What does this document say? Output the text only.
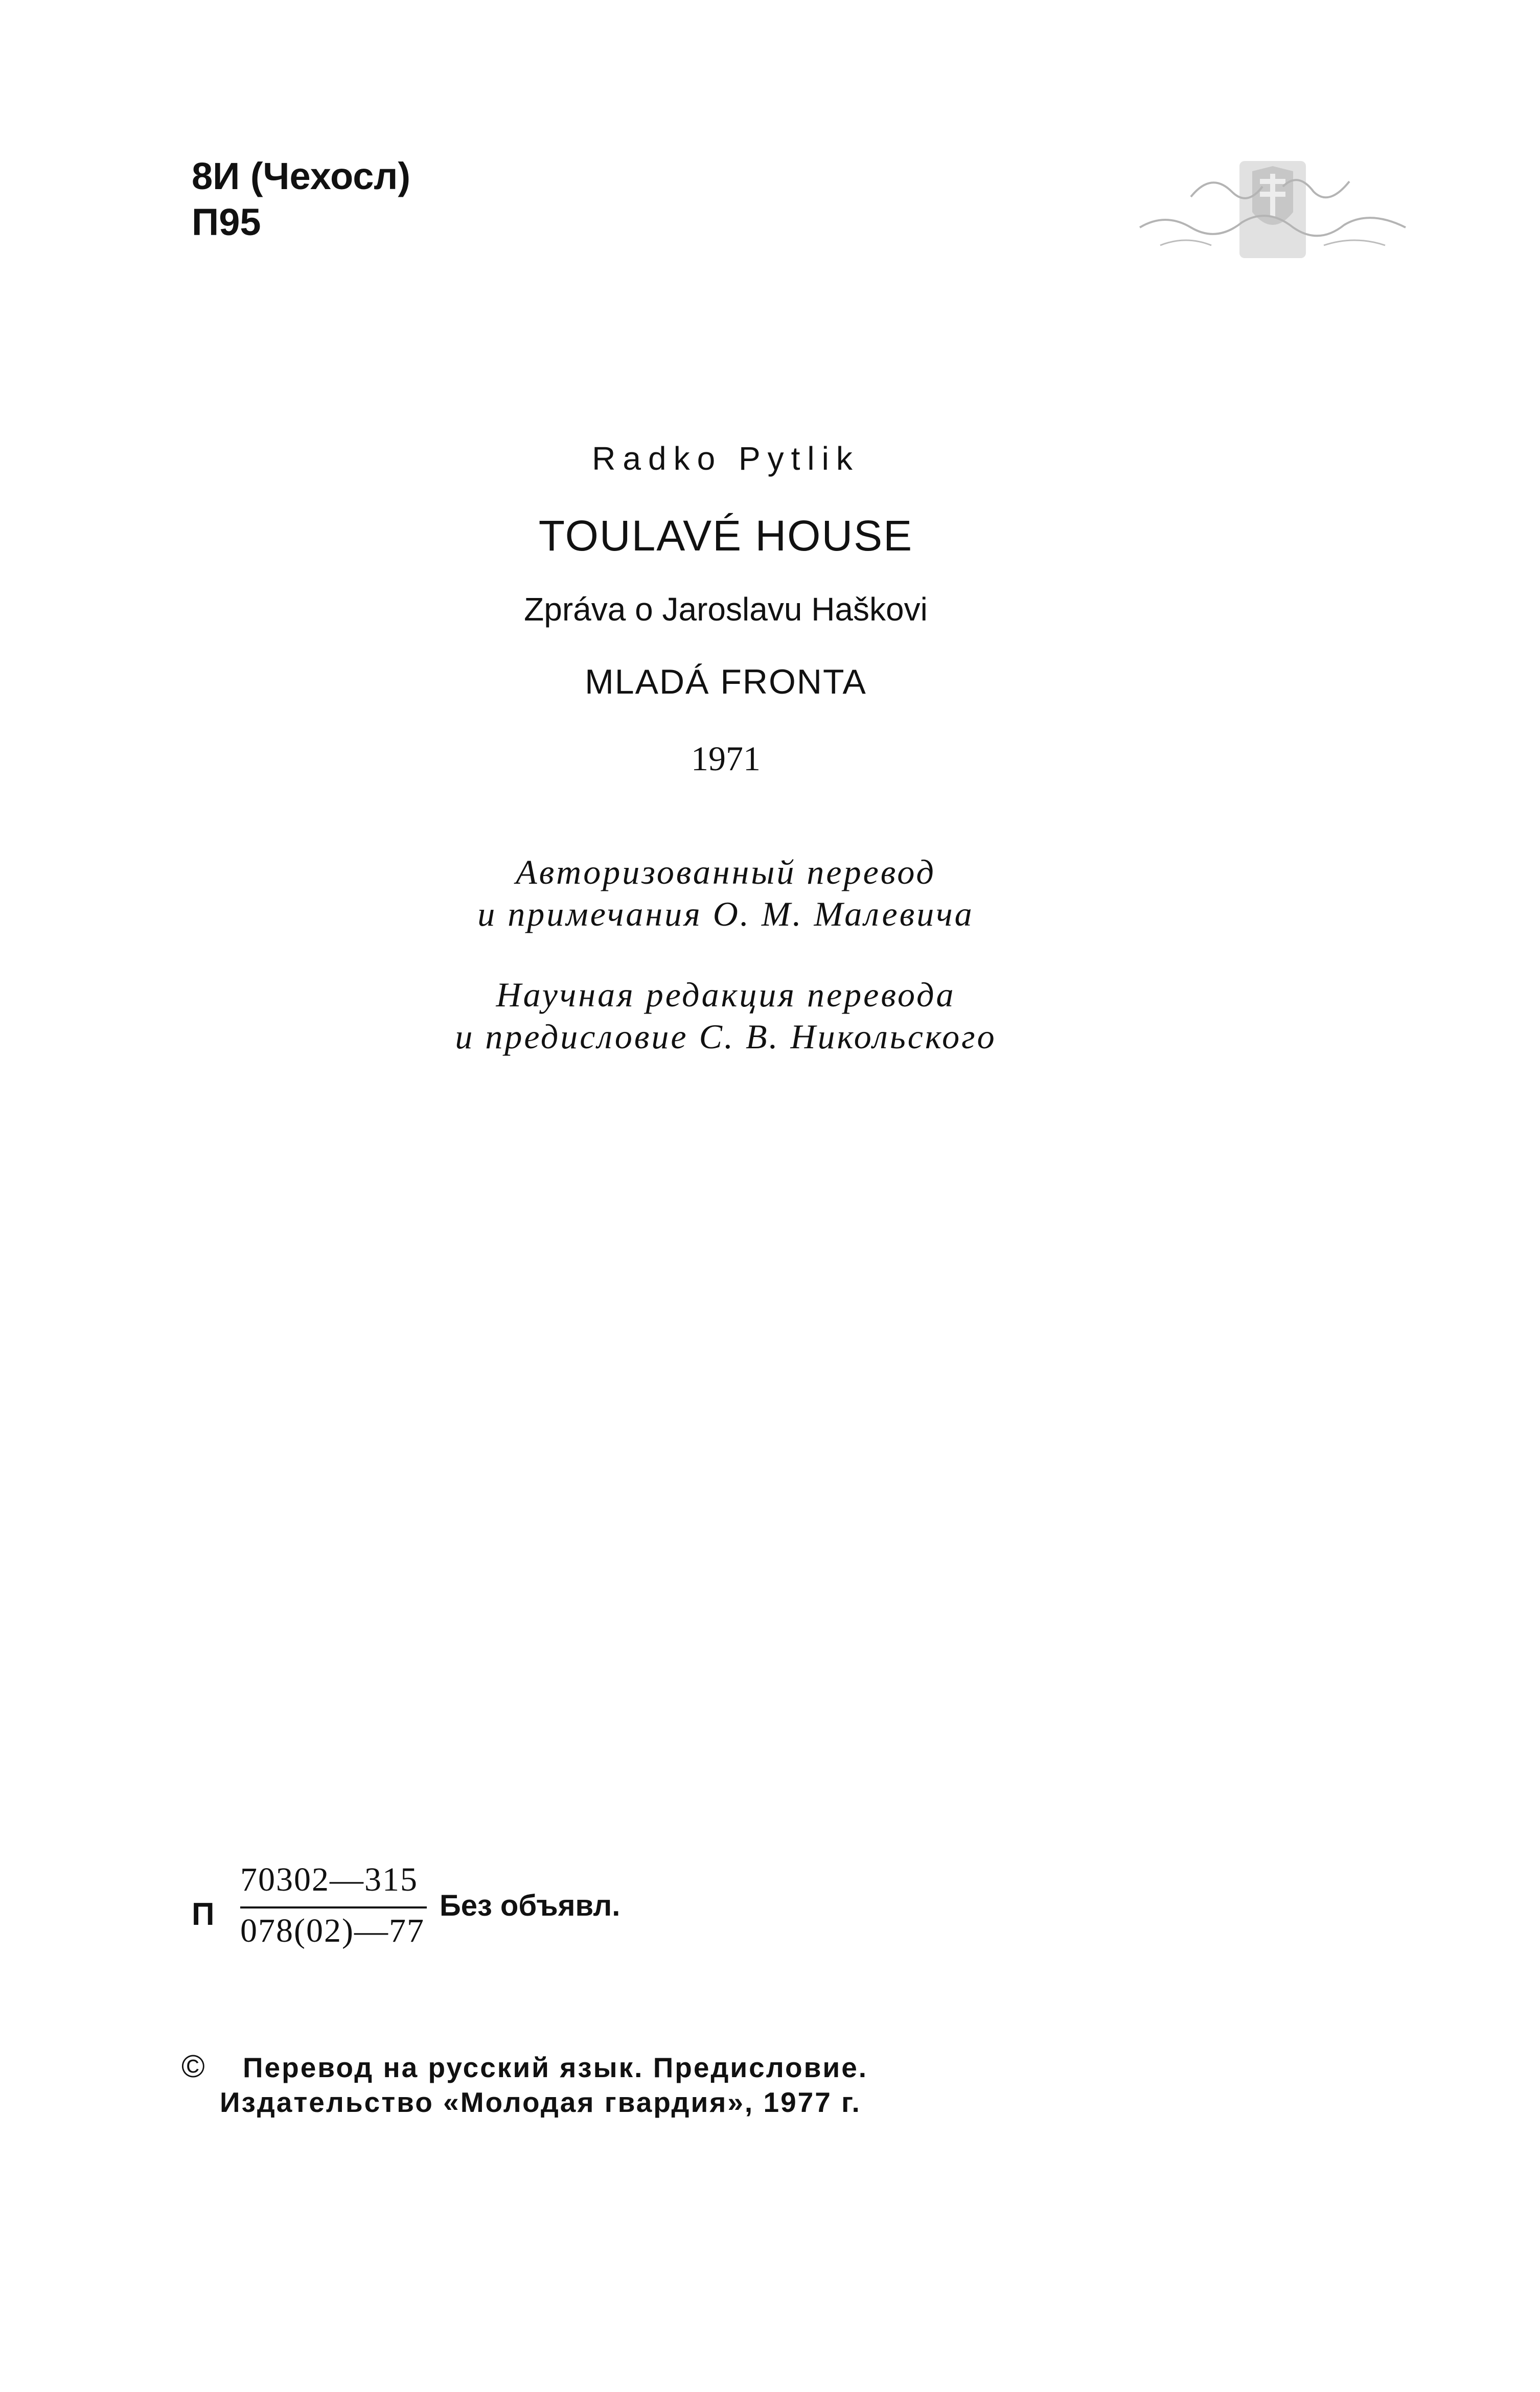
8И (Чехосл)
П95
Radko Pytlik
TOULAVÉ HOUSE
Zpráva o Jaroslavu Haškovi
MLADÁ FRONTA
1971
Авторизованный перевод
и примечания О. М. Малевича
Научная редакция перевода
и предисловие С. В. Никольского
П
70302—315
078(02)—77
Без объявл.
© Перевод на русский язык. Предисловие.
Издательство «Молодая гвардия», 1977 г.
